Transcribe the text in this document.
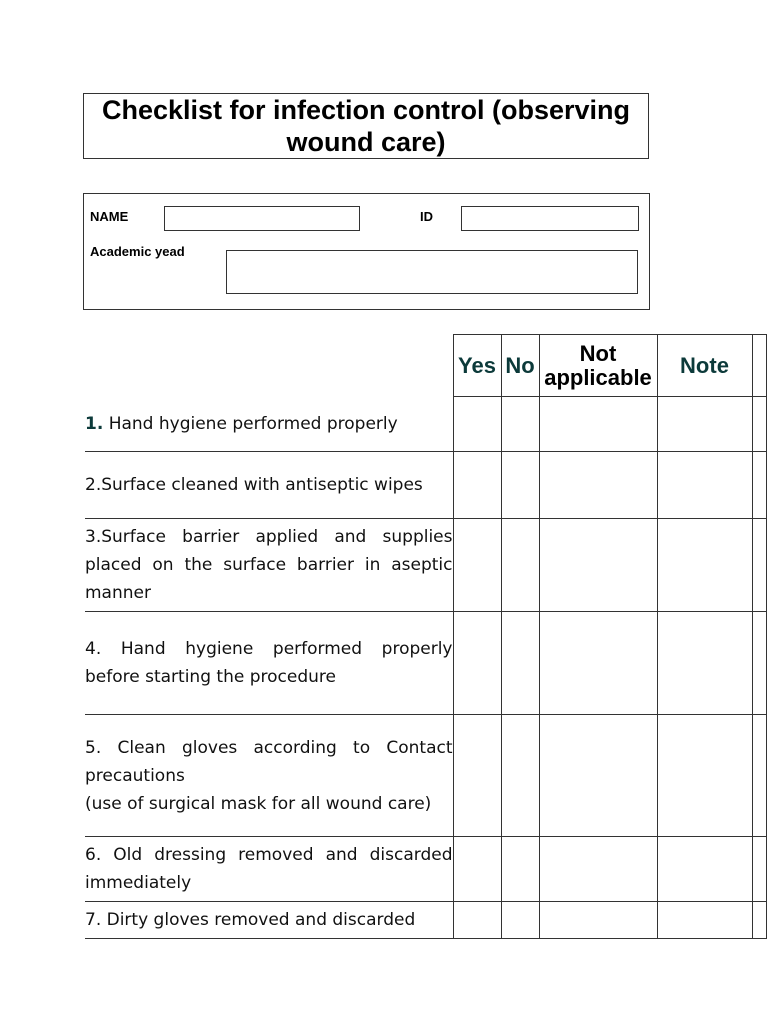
Checklist for infection control (observing wound care)
NAME	ID
Academic yead
	Yes	No	Not applicable	Note	
1. Hand hygiene performed properly					
2.Surface cleaned with antiseptic wipes					
3.Surface barrier applied and supplies placed on the surface barrier in aseptic manner					
4. Hand hygiene performed properly before starting the procedure					

5. Clean gloves according to Contact precautions
(use of surgical mask for all wound care)					

6. Old dressing removed and discarded immediately					
7. Dirty gloves removed and discarded					
